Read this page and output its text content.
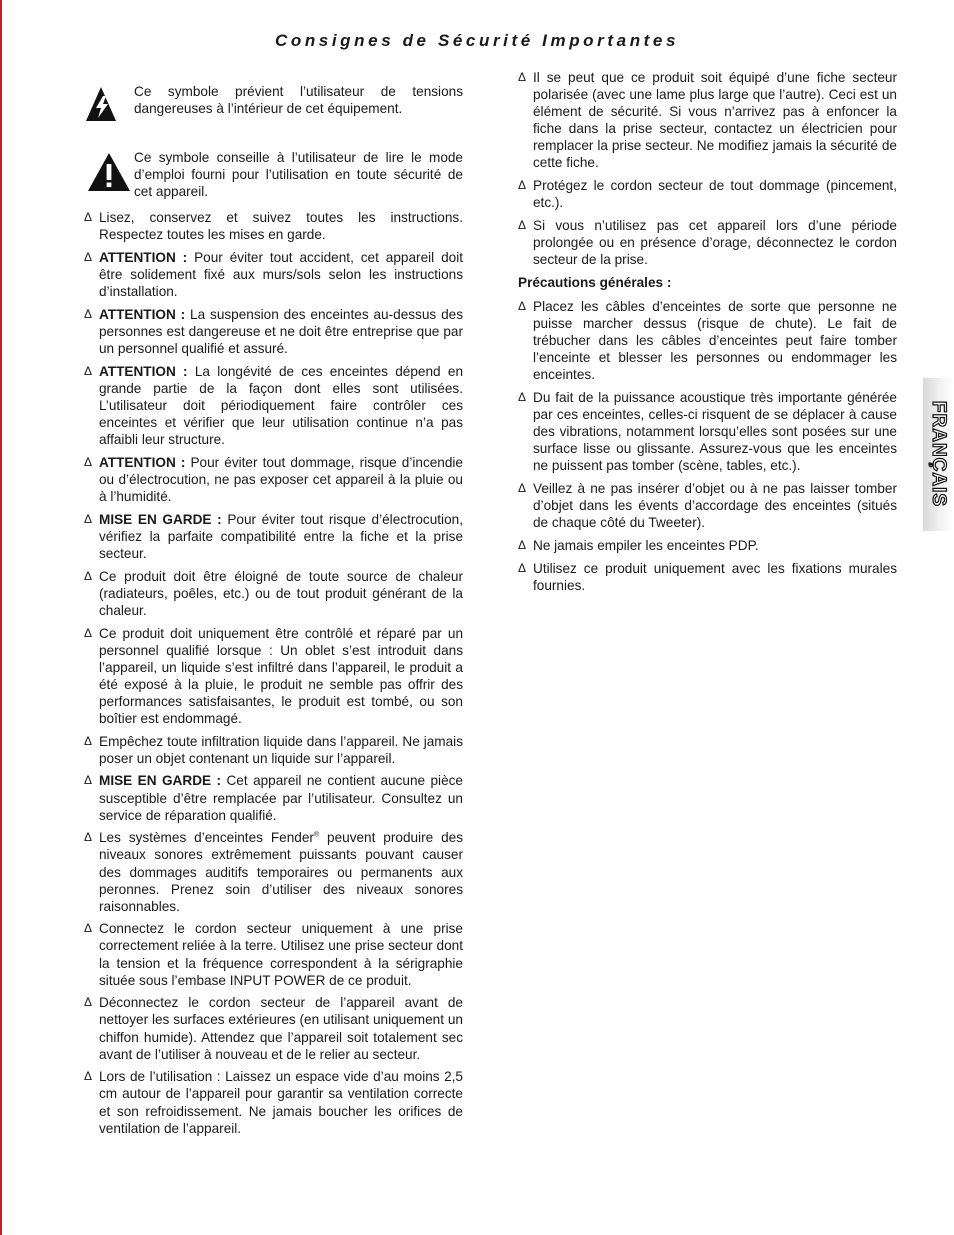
Consignes de Sécurité Importantes
Ce symbole prévient l’utilisateur de tensions dangereuses à l’intérieur de cet équipement.
Ce symbole conseille à l’utilisateur de lire le mode d’emploi fourni pour l’utilisation en toute sécurité de cet appareil.
Δ Lisez, conservez et suivez toutes les instructions. Respectez toutes les mises en garde.
Δ ATTENTION : Pour éviter tout accident, cet appareil doit être solidement fixé aux murs/sols selon les instructions d’installation.
Δ ATTENTION : La suspension des enceintes au-dessus des personnes est dangereuse et ne doit être entreprise que par un personnel qualifié et assuré.
Δ ATTENTION : La longévité de ces enceintes dépend en grande partie de la façon dont elles sont utilisées. L’utilisateur doit périodiquement faire contrôler ces enceintes et vérifier que leur utilisation continue n’a pas affaibli leur structure.
Δ ATTENTION : Pour éviter tout dommage, risque d’incendie ou d’électrocution, ne pas exposer cet appareil à la pluie ou à l’humidité.
Δ MISE EN GARDE : Pour éviter tout risque d’électrocution, vérifiez la parfaite compatibilité entre la fiche et la prise secteur.
Δ Ce produit doit être éloigné de toute source de chaleur (radiateurs, poêles, etc.) ou de tout produit générant de la chaleur.
Δ Ce produit doit uniquement être contrôlé et réparé par un personnel qualifié lorsque : Un oblet s’est introduit dans l’appareil, un liquide s’est infiltré dans l’appareil, le produit a été exposé à la pluie, le produit ne semble pas offrir des performances satisfaisantes, le produit est tombé, ou son boîtier est endommagé.
Δ Empêchez toute infiltration liquide dans l’appareil. Ne jamais poser un objet contenant un liquide sur l’appareil.
Δ MISE EN GARDE : Cet appareil ne contient aucune pièce susceptible d’être remplacée par l’utilisateur. Consultez un service de réparation qualifié.
Δ Les systèmes d’enceintes Fender® peuvent produire des niveaux sonores extrêmement puissants pouvant causer des dommages auditifs temporaires ou permanents aux peronnes. Prenez soin d’utiliser des niveaux sonores raisonnables.
Δ Connectez le cordon secteur uniquement à une prise correctement reliée à la terre. Utilisez une prise secteur dont la tension et la fréquence correspondent à la sérigraphie située sous l’embase INPUT POWER de ce produit.
Δ Déconnectez le cordon secteur de l’appareil avant de nettoyer les surfaces extérieures (en utilisant uniquement un chiffon humide). Attendez que l’appareil soit totalement sec avant de l’utiliser à nouveau et de le relier au secteur.
Δ Lors de l’utilisation : Laissez un espace vide d’au moins 2,5 cm autour de l’appareil pour garantir sa ventilation correcte et son refroidissement. Ne jamais boucher les orifices de ventilation de l’appareil.
Δ Il se peut que ce produit soit équipé d’une fiche secteur polarisée (avec une lame plus large que l’autre). Ceci est un élément de sécurité. Si vous n’arrivez pas à enfoncer la fiche dans la prise secteur, contactez un électricien pour remplacer la prise secteur. Ne modifiez jamais la sécurité de cette fiche.
Δ Protégez le cordon secteur de tout dommage (pincement, etc.).
Δ Si vous n’utilisez pas cet appareil lors d’une période prolongée ou en présence d’orage, déconnectez le cordon secteur de la prise.
Précautions générales :
Δ Placez les câbles d’enceintes de sorte que personne ne puisse marcher dessus (risque de chute). Le fait de trébucher dans les câbles d’enceintes peut faire tomber l’enceinte et blesser les personnes ou endommager les enceintes.
Δ Du fait de la puissance acoustique très importante générée par ces enceintes, celles-ci risquent de se déplacer à cause des vibrations, notamment lorsqu’elles sont posées sur une surface lisse ou glissante. Assurez-vous que les enceintes ne puissent pas tomber (scène, tables, etc.).
Δ Veillez à ne pas insérer d’objet ou à ne pas laisser tomber d’objet dans les évents d’accordage des enceintes (situés de chaque côté du Tweeter).
Δ Ne jamais empiler les enceintes PDP.
Δ Utilisez ce produit uniquement avec les fixations murales fournies.
FRANÇAIS
